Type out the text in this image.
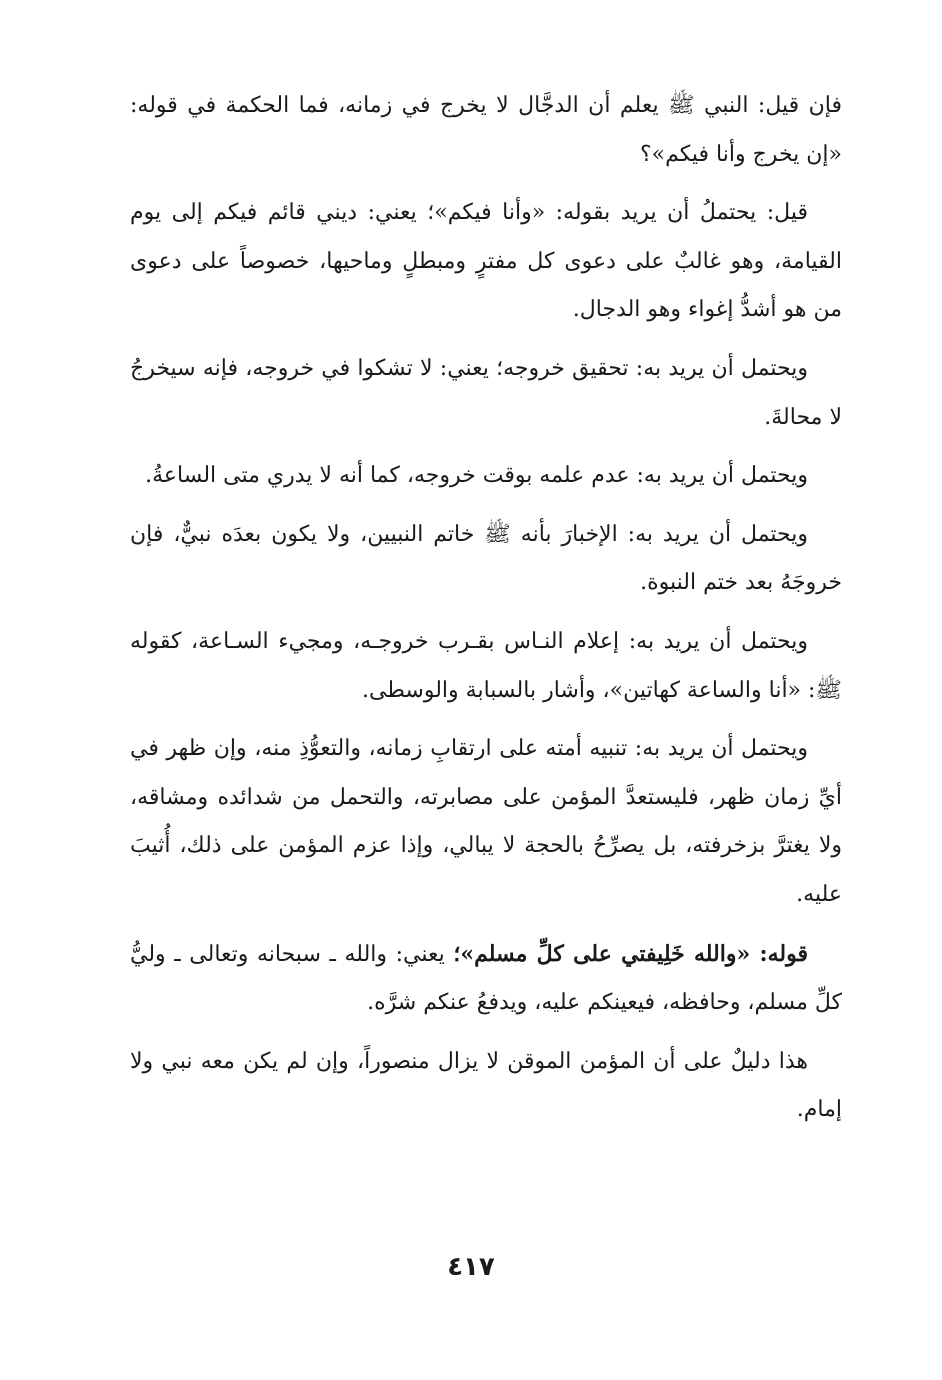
فإن قيل: النبي ﷺ يعلم أن الدجَّال لا يخرج في زمانه، فما الحكمة في قوله: «إن يخرج وأنا فيكم»؟

قيل: يحتملُ أن يريد بقوله: «وأنا فيكم»؛ يعني: ديني قائم فيكم إلى يوم القيامة، وهو غالبٌ على دعوى كل مفترٍ ومبطلٍ وماحيها، خصوصاً على دعوى من هو أشدُّ إغواء وهو الدجال.

ويحتمل أن يريد به: تحقيق خروجه؛ يعني: لا تشكوا في خروجه، فإنه سيخرجُ لا محالةَ.

ويحتمل أن يريد به: عدم علمه بوقت خروجه، كما أنه لا يدري متى الساعةُ.

ويحتمل أن يريد به: الإخبارَ بأنه ﷺ خاتم النبيين، ولا يكون بعدَه نبيٌّ، فإن خروجَهُ بعد ختم النبوة.

ويحتمل أن يريد به: إعلام النـاس بقـرب خروجـه، ومجيء السـاعة، كقوله ﷺ: «أنا والساعة كهاتين»، وأشار بالسبابة والوسطى.

ويحتمل أن يريد به: تنبيه أمته على ارتقابِ زمانه، والتعوُّذِ منه، وإن ظهر في أيِّ زمان ظهر، فليستعدَّ المؤمن على مصابرته، والتحمل من شدائده ومشاقه، ولا يغترَّ بزخرفته، بل يصرِّحُ بالحجة لا يبالي، وإذا عزم المؤمن على ذلك، أُثيبَ عليه.

قوله: «والله خَلِيفتي على كلِّ مسلم»؛ يعني: والله ـ سبحانه وتعالى ـ وليُّ كلِّ مسلم، وحافظه، فيعينكم عليه، ويدفعُ عنكم شرَّه.

هذا دليلٌ على أن المؤمن الموقن لا يزال منصوراً، وإن لم يكن معه نبي ولا إمام.

٤١٧
